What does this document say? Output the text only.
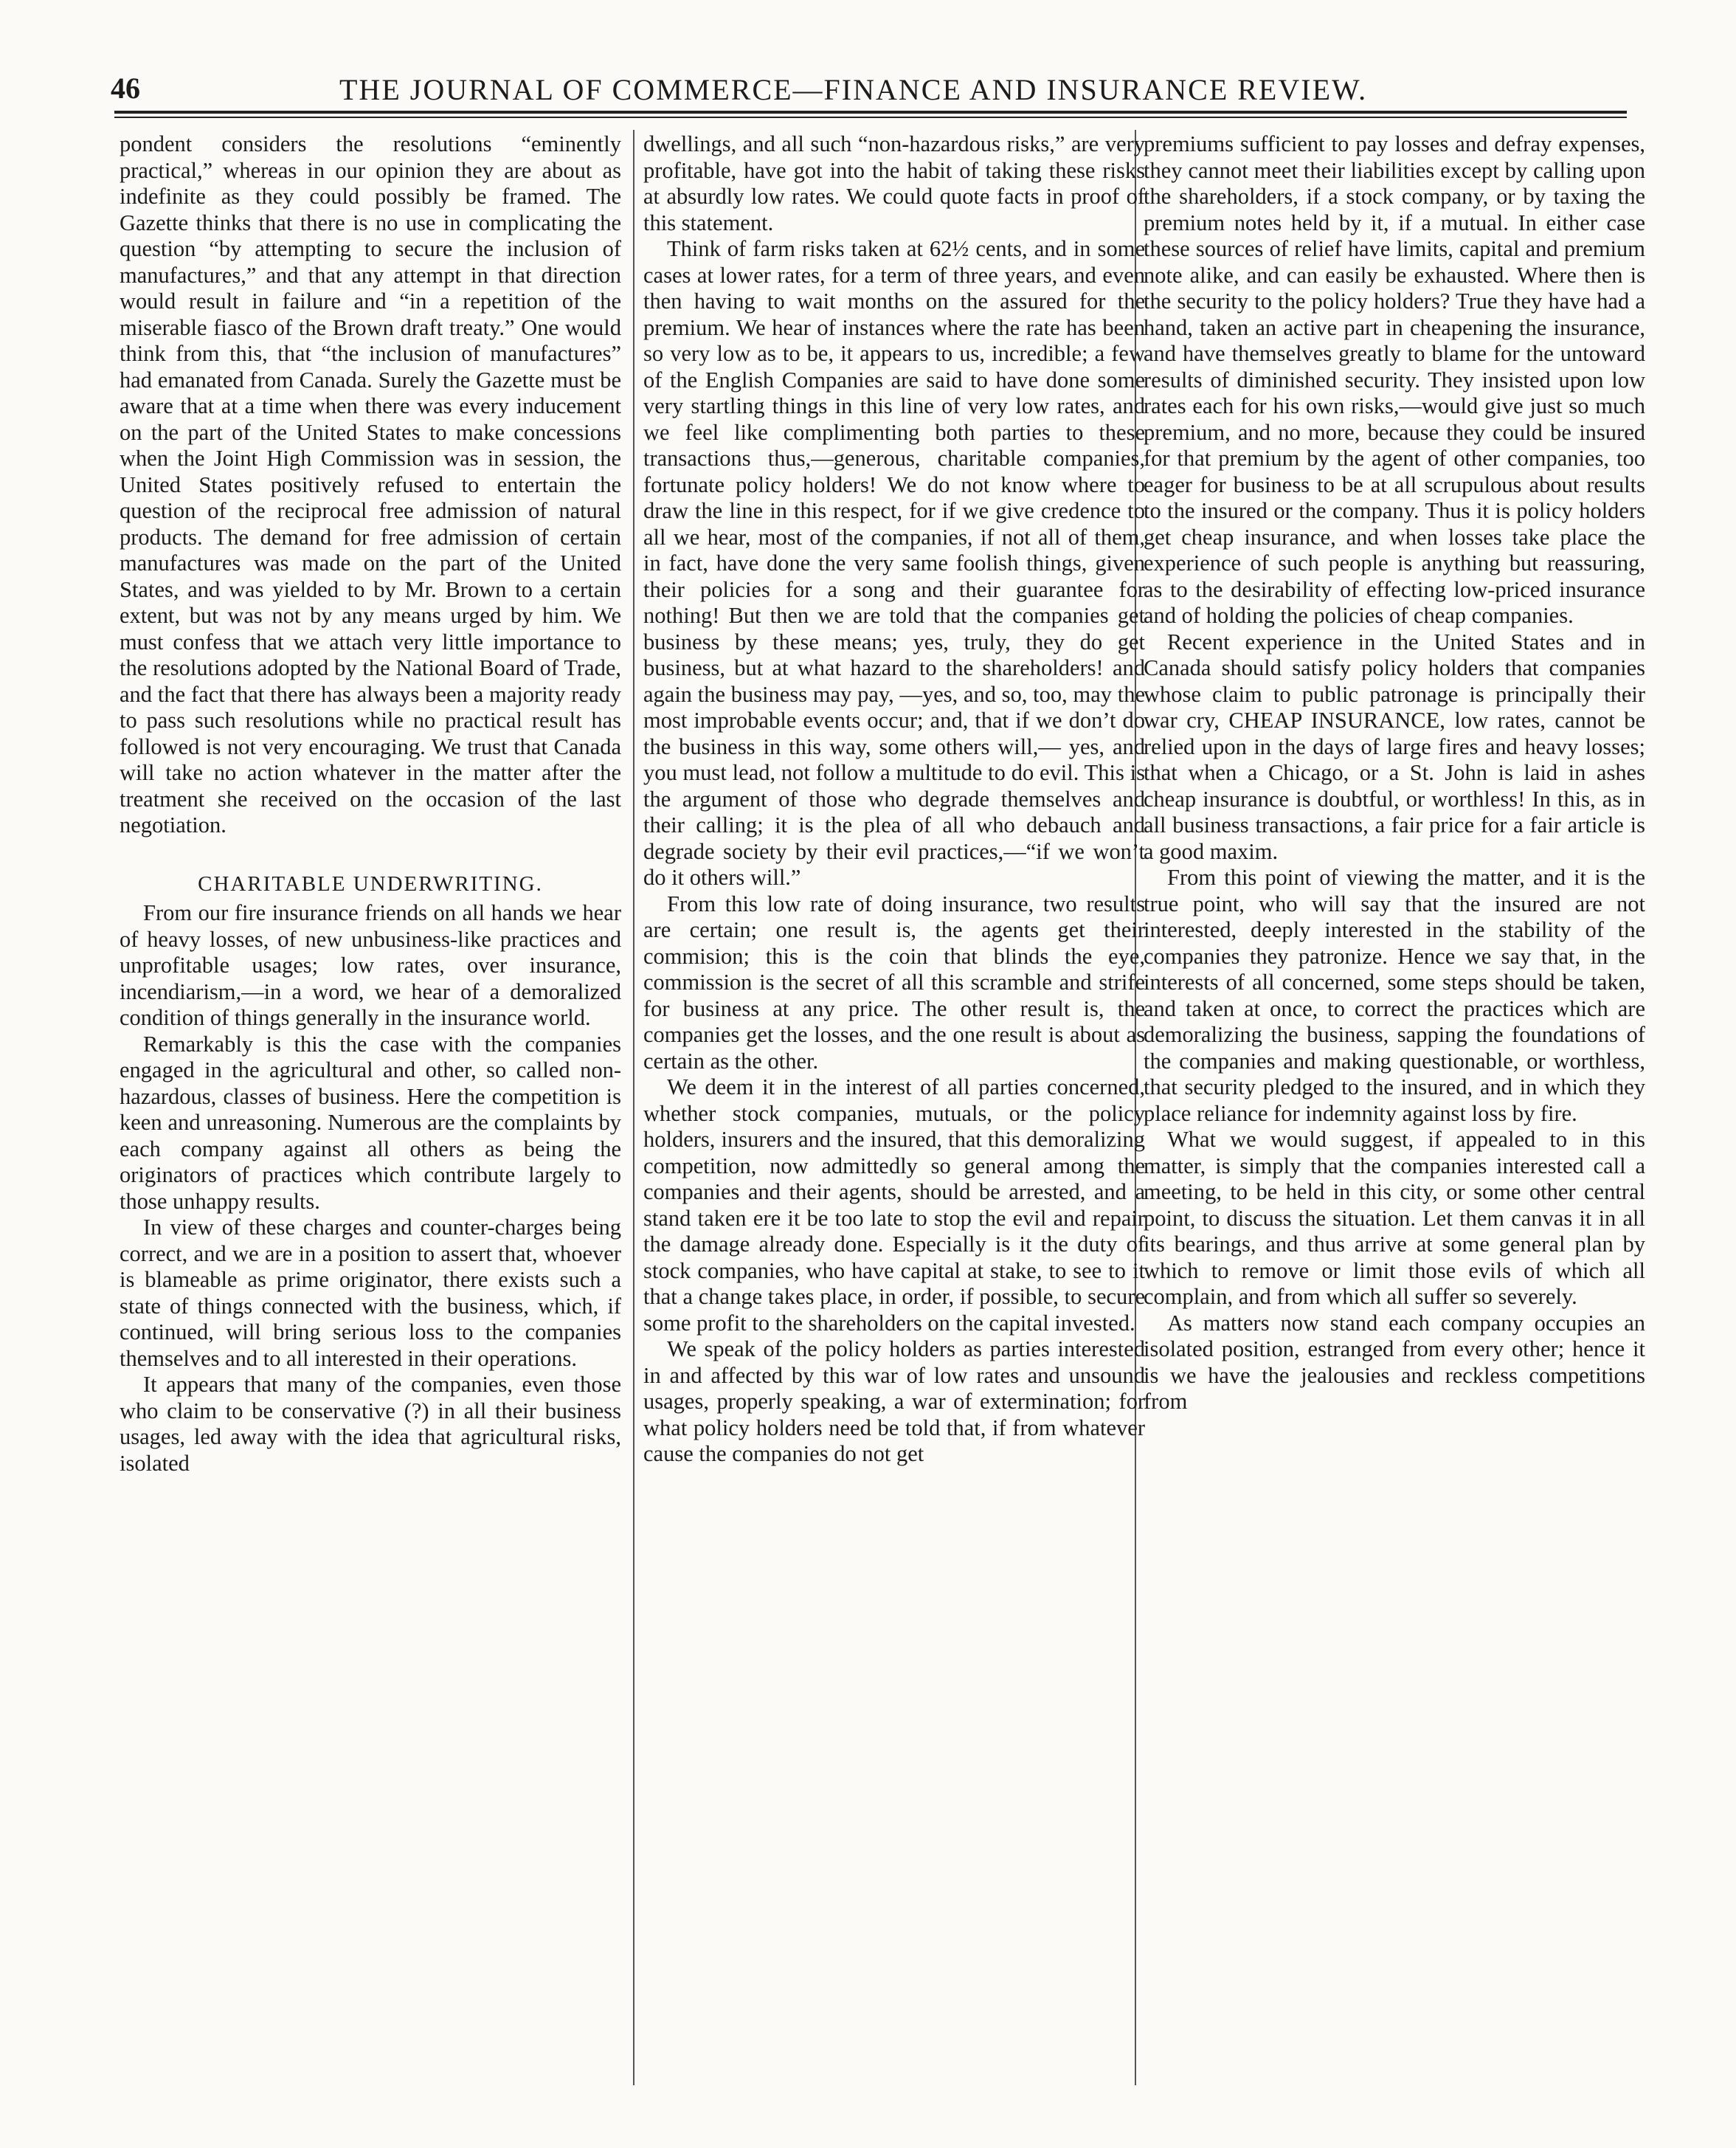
46	THE JOURNAL OF COMMERCE—FINANCE AND INSURANCE REVIEW.

pondent considers the resolutions “eminently practical,” whereas in our opinion they are about as indefinite as they could possibly be framed. The Gazette thinks that there is no use in complicating the question “by attempting to secure the inclusion of manufactures,” and that any attempt in that direction would result in failure and “in a repetition of the miserable fiasco of the Brown draft treaty.” One would think from this, that “the inclusion of manufactures” had emanated from Canada. Surely the Gazette must be aware that at a time when there was every inducement on the part of the United States to make concessions when the Joint High Commission was in session, the United States positively refused to entertain the question of the reciprocal free admission of natural products. The demand for free admission of certain manufactures was made on the part of the United States, and was yielded to by Mr. Brown to a certain extent, but was not by any means urged by him. We must confess that we attach very little importance to the resolutions adopted by the National Board of Trade, and the fact that there has always been a majority ready to pass such resolutions while no practical result has followed is not very encouraging. We trust that Canada will take no action whatever in the matter after the treatment she received on the occasion of the last negotiation.

CHARITABLE UNDERWRITING.

From our fire insurance friends on all hands we hear of heavy losses, of new unbusiness-like practices and unprofitable usages; low rates, over insurance, incendiarism,—in a word, we hear of a demoralized condition of things generally in the insurance world.

Remarkably is this the case with the companies engaged in the agricultural and other, so called non-hazardous, classes of business. Here the competition is keen and unreasoning. Numerous are the complaints by each company against all others as being the originators of practices which contribute largely to those unhappy results.

In view of these charges and counter-charges being correct, and we are in a position to assert that, whoever is blameable as prime originator, there exists such a state of things connected with the business, which, if continued, will bring serious loss to the companies themselves and to all interested in their operations.

It appears that many of the companies, even those who claim to be conservative (?) in all their business usages, led away with the idea that agricultural risks, isolated

dwellings, and all such “non-hazardous risks,” are very profitable, have got into the habit of taking these risks at absurdly low rates. We could quote facts in proof of this statement.

Think of farm risks taken at 62½ cents, and in some cases at lower rates, for a term of three years, and even then having to wait months on the assured for the premium. We hear of instances where the rate has been so very low as to be, it appears to us, incredible; a few of the English Companies are said to have done some very startling things in this line of very low rates, and we feel like complimenting both parties to these transactions thus,—generous, charitable companies, fortunate policy holders! We do not know where to draw the line in this respect, for if we give credence to all we hear, most of the companies, if not all of them, in fact, have done the very same foolish things, given their policies for a song and their guarantee for nothing! But then we are told that the companies get business by these means; yes, truly, they do get business, but at what hazard to the shareholders! and again the business may pay, —yes, and so, too, may the most improbable events occur; and, that if we don’t do the business in this way, some others will,— yes, and you must lead, not follow a multitude to do evil. This is the argument of those who degrade themselves and their calling; it is the plea of all who debauch and degrade society by their evil practices,—“if we won’t do it others will.”

From this low rate of doing insurance, two results are certain; one result is, the agents get their commision; this is the coin that blinds the eye, commission is the secret of all this scramble and strife for business at any price. The other result is, the companies get the losses, and the one result is about as certain as the other.

We deem it in the interest of all parties concerned, whether stock companies, mutuals, or the policy holders, insurers and the insured, that this demoralizing competition, now admittedly so general among the companies and their agents, should be arrested, and a stand taken ere it be too late to stop the evil and repair the damage already done. Especially is it the duty of stock companies, who have capital at stake, to see to it that a change takes place, in order, if possible, to secure some profit to the shareholders on the capital invested.

We speak of the policy holders as parties interested in and affected by this war of low rates and unsound usages, properly speaking, a war of extermination; for what policy holders need be told that, if from whatever cause the companies do not get

premiums sufficient to pay losses and defray expenses, they cannot meet their liabilities except by calling upon the shareholders, if a stock company, or by taxing the premium notes held by it, if a mutual. In either case these sources of relief have limits, capital and premium note alike, and can easily be exhausted. Where then is the security to the policy holders? True they have had a hand, taken an active part in cheapening the insurance, and have themselves greatly to blame for the untoward results of diminished security. They insisted upon low rates each for his own risks,—would give just so much premium, and no more, because they could be insured for that premium by the agent of other companies, too eager for business to be at all scrupulous about results to the insured or the company. Thus it is policy holders get cheap insurance, and when losses take place the experience of such people is anything but reassuring, as to the desirability of effecting low-priced insurance and of holding the policies of cheap companies.

Recent experience in the United States and in Canada should satisfy policy holders that companies whose claim to public patronage is principally their war cry, CHEAP INSURANCE, low rates, cannot be relied upon in the days of large fires and heavy losses; that when a Chicago, or a St. John is laid in ashes cheap insurance is doubtful, or worthless! In this, as in all business transactions, a fair price for a fair article is a good maxim.

From this point of viewing the matter, and it is the true point, who will say that the insured are not interested, deeply interested in the stability of the companies they patronize. Hence we say that, in the interests of all concerned, some steps should be taken, and taken at once, to correct the practices which are demoralizing the business, sapping the foundations of the companies and making questionable, or worthless, that security pledged to the insured, and in which they place reliance for indemnity against loss by fire.

What we would suggest, if appealed to in this matter, is simply that the companies interested call a meeting, to be held in this city, or some other central point, to discuss the situation. Let them canvas it in all its bearings, and thus arrive at some general plan by which to remove or limit those evils of which all complain, and from which all suffer so severely.

As matters now stand each company occupies an isolated position, estranged from every other; hence it is we have the jealousies and reckless competitions from
